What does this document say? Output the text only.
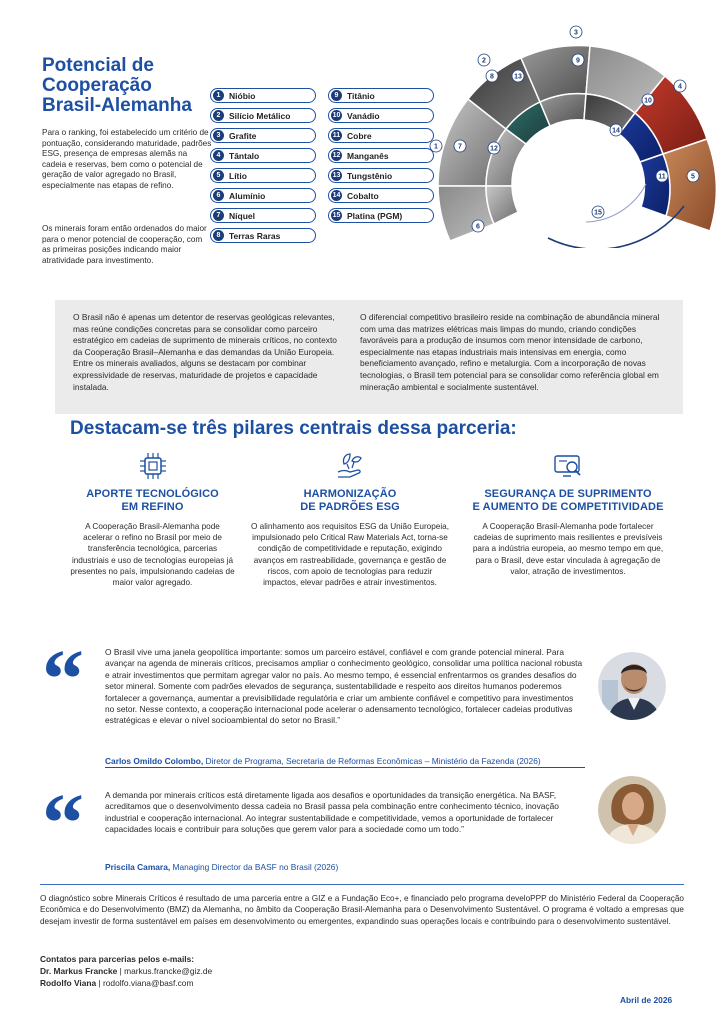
Potencial de
Cooperação
Brasil-Alemanha

Para o ranking, foi estabelecido um critério de pontuação, considerando maturidade, padrões ESG, presença de empresas alemãs na cadeia e reservas, bem como o potencial de geração de valor agregado no Brasil, especialmente nas etapas de refino.

Os minerais foram então ordenados do maior para o menor potencial de cooperação, com as primeiras posições indicando maior atratividade para investimento.

1	Nióbio
2	Silício Metálico
3	Grafite
4	Tântalo
5	Lítio
6	Alumínio
7	Níquel
8	Terras Raras
9	Titânio
10 Vanádio
11 Cobre
12 Manganês
13 Tungstênio
14 Cobalto
15 Platina (PGM)
1
2
3
4
5
6
7
8
9
10
11
12
13
14
15

O Brasil não é apenas um detentor de reservas geológicas relevantes, mas reúne condições concretas para se consolidar como parceiro estratégico em cadeias de suprimento de minerais críticos, no contexto da Cooperação Brasil–Alemanha e das demandas da União Europeia. Entre os minerais avaliados, alguns se destacam por combinar expressividade de reservas, maturidade de projetos e capacidade instalada.

O diferencial competitivo brasileiro reside na combinação de abundância mineral com uma das matrizes elétricas mais limpas do mundo, criando condições favoráveis para a produção de insumos com menor intensidade de carbono, especialmente nas etapas industriais mais intensivas em energia, como beneficiamento avançado, refino e metalurgia. Com a incorporação de novas tecnologias, o Brasil tem potencial para se consolidar como referência global em mineração ambiental e socialmente sustentável.

Destacam-se três pilares centrais dessa parceria:
APORTE TECNOLÓGICO
EM REFINO

A Cooperação Brasil-Alemanha pode acelerar o refino no Brasil por meio de transferência tecnológica, parcerias industriais e uso de tecnologias europeias já presentes no país, impulsionando cadeias de maior valor agregado.

HARMONIZAÇÃO
DE PADRÕES ESG

O alinhamento aos requisitos ESG da União Europeia, impulsionado pelo Critical Raw Materials Act, torna-se condição de competitividade e reputação, exigindo avanços em rastreabilidade, governança e gestão de riscos, com apoio de tecnologias para reduzir impactos, elevar padrões e atrair investimentos.

SEGURANÇA DE SUPRIMENTO
E AUMENTO DE COMPETITIVIDADE

A Cooperação Brasil-Alemanha pode fortalecer cadeias de suprimento mais resilientes e previsíveis para a indústria europeia, ao mesmo tempo em que, para o Brasil, deve estar vinculada à agregação de valor, atração de investimentos.

“	O Brasil vive uma janela geopolítica importante: somos um parceiro estável, confiável e com grande potencial mineral. Para avançar na agenda de minerais críticos, precisamos ampliar o conhecimento geológico, consolidar uma política nacional robusta e atrair investimentos que permitam agregar valor no país. Ao mesmo tempo, é essencial enfrentarmos os grandes desafios do setor mineral. Somente com padrões elevados de segurança, sustentabilidade e respeito aos direitos humanos poderemos fortalecer a governança, aumentar a previsibilidade regulatória e criar um ambiente confiável e competitivo para investimentos no setor. Nesse contexto, a cooperação internacional pode acelerar o adensamento tecnológico, fortalecer cadeias produtivas estratégicas e elevar o nível socioambiental do setor no Brasil.”

Carlos Omildo Colombo, Diretor de Programa, Secretaria de Reformas Econômicas – Ministério da Fazenda (2026)

“	A demanda por minerais críticos está diretamente ligada aos desafios e oportunidades da transição energética. Na BASF, acreditamos que o desenvolvimento dessa cadeia no Brasil passa pela combinação entre conhecimento técnico, inovação industrial e cooperação internacional. Ao integrar sustentabilidade e competitividade, vemos a oportunidade de fortalecer capacidades locais e contribuir para soluções que gerem valor para a sociedade como um todo.”

Priscila Camara, Managing Director da BASF no Brasil (2026)

O diagnóstico sobre Minerais Críticos é resultado de uma parceria entre a GIZ e a Fundação Eco+, e financiado pelo programa develoPPP do Ministério Federal da Cooperação Econômica e do Desenvolvimento (BMZ) da Alemanha, no âmbito da Cooperação Brasil-Alemanha para o Desenvolvimento Sustentável. O programa é voltado a empresas que desejam investir de forma sustentável em países em desenvolvimento ou emergentes, expandindo suas operações locais e contribuindo para o desenvolvimento sustentável.

Contatos para parcerias pelos e-mails:
Dr. Markus Francke | markus.francke@giz.de
Rodolfo Viana | rodolfo.viana@basf.com
Abril de 2026
